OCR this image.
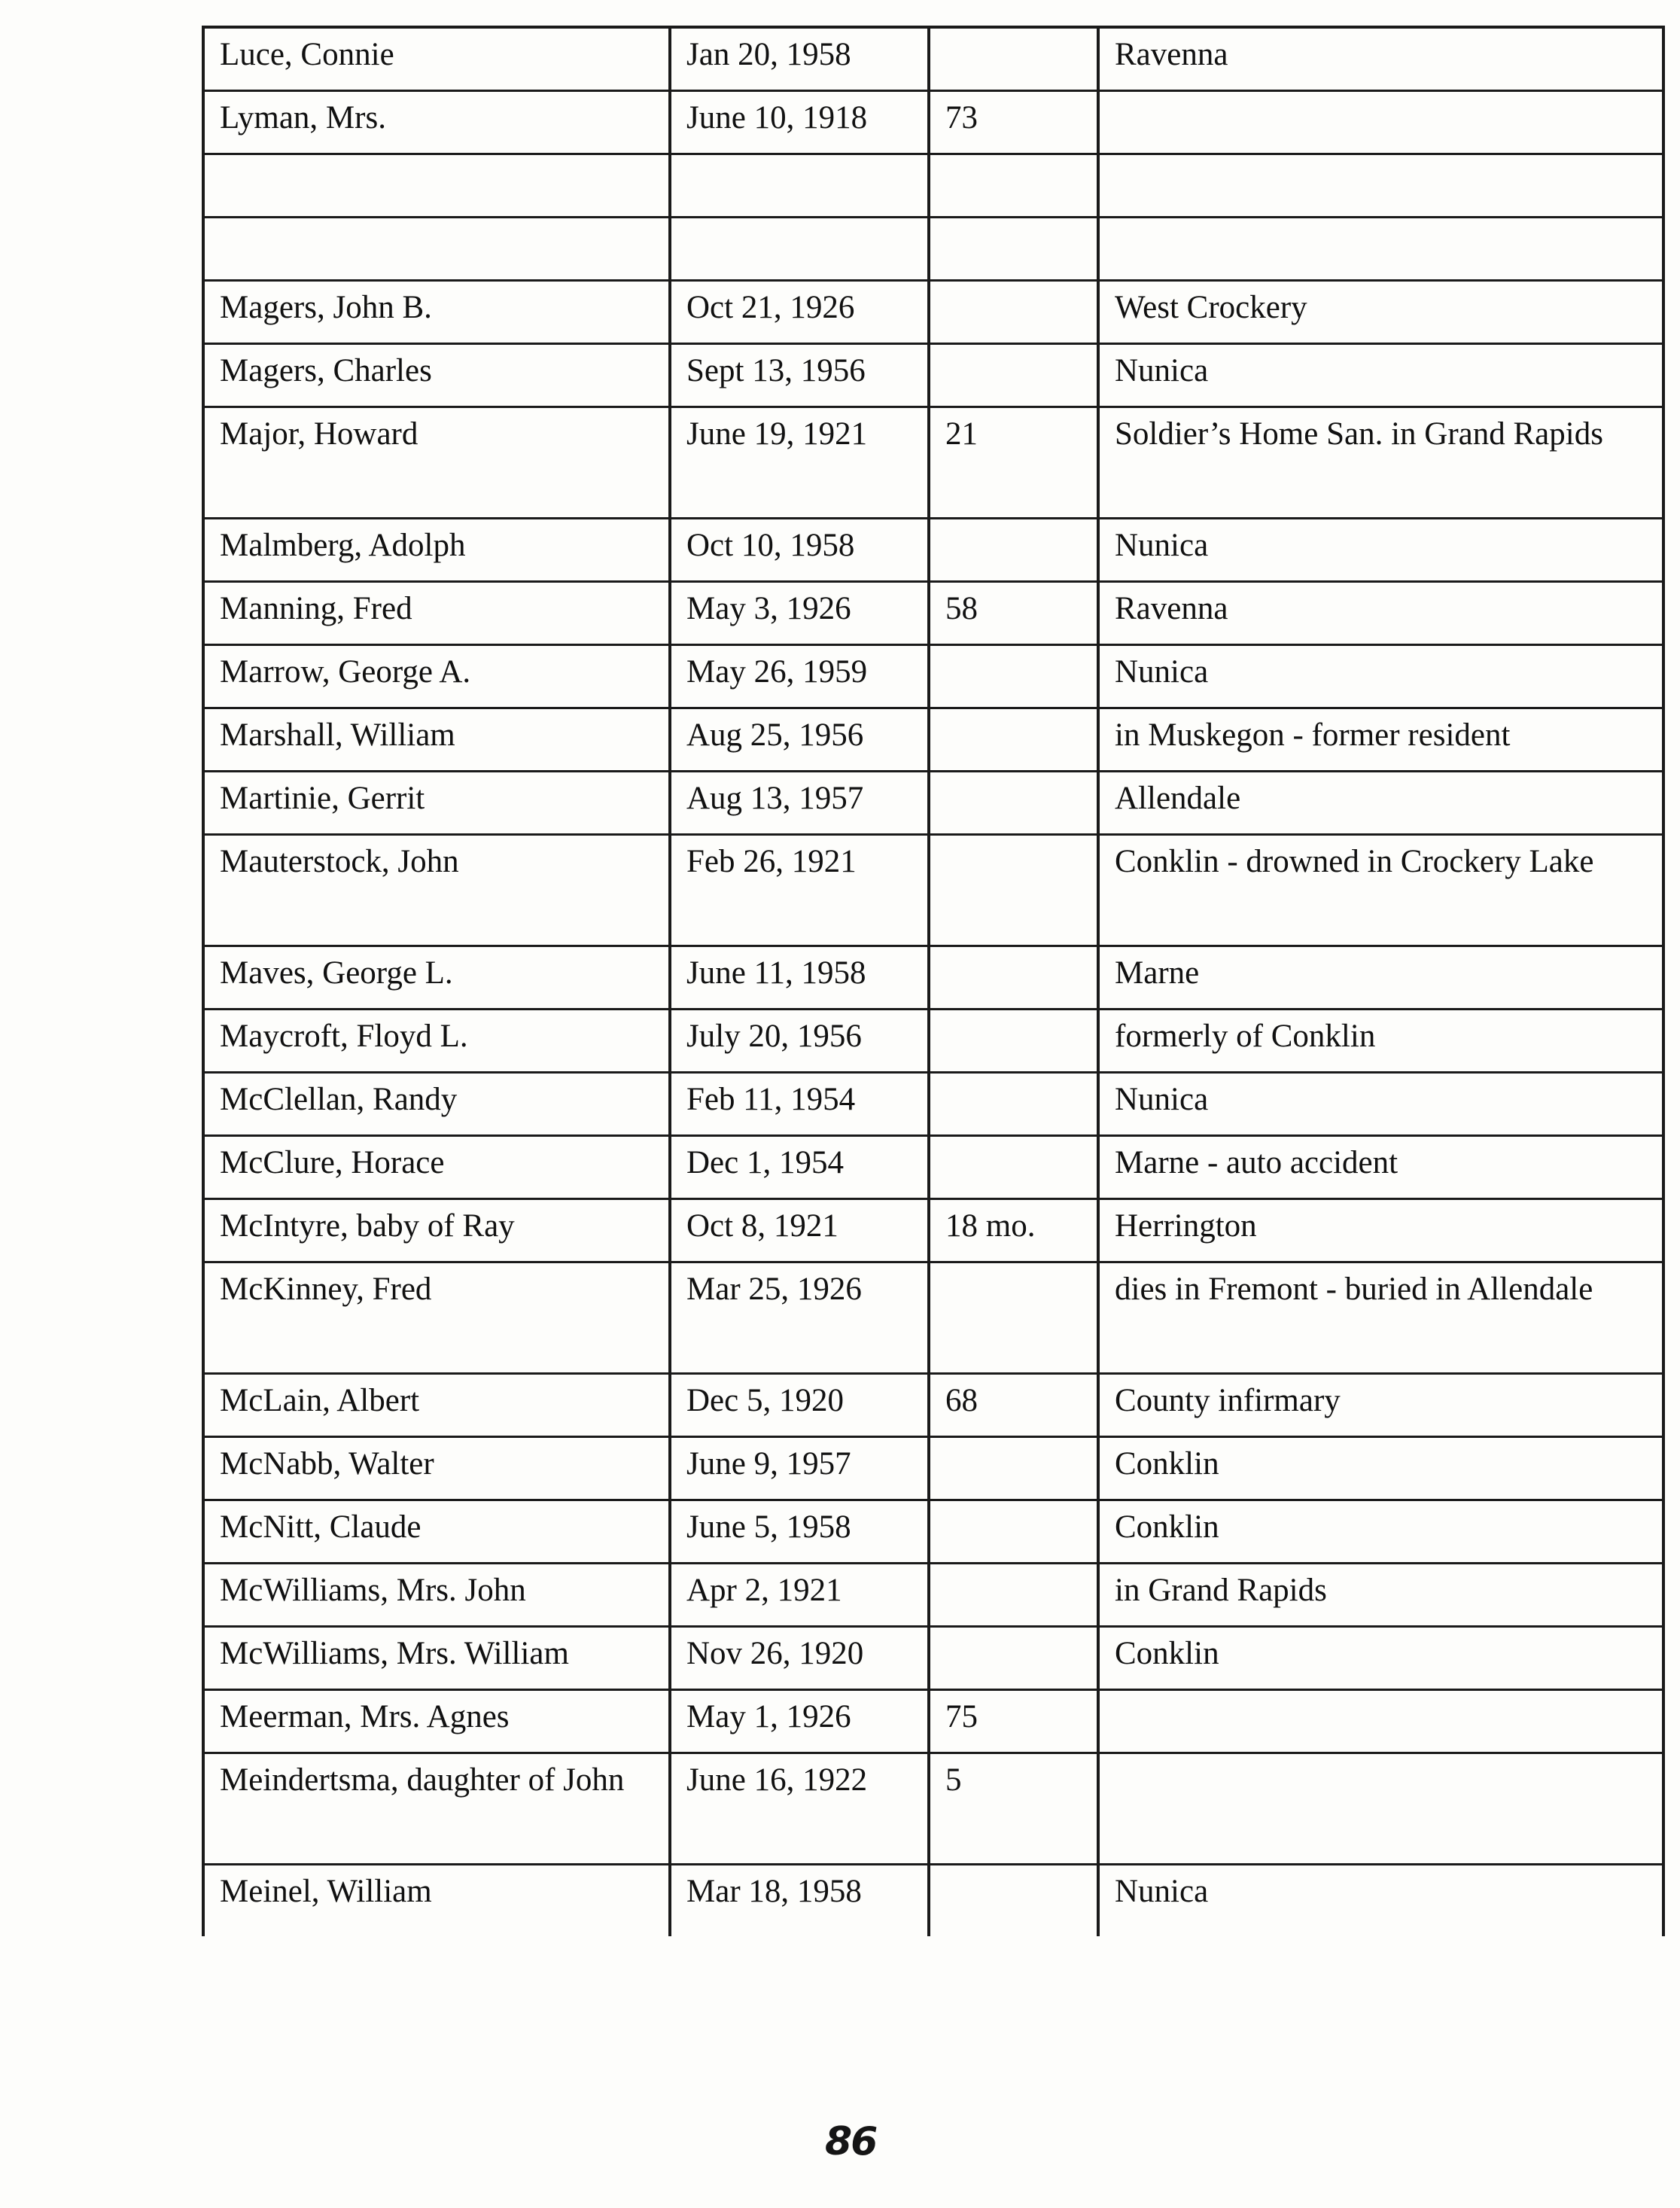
Luce, Connie	Jan 20, 1958		Ravenna
Lyman, Mrs.	June 10, 1918	73	

Magers, John B.	Oct 21, 1926		West Crockery
Magers, Charles	Sept 13, 1956		Nunica
Major, Howard	June 19, 1921	21	Soldier’s Home San. in Grand Rapids
Malmberg, Adolph	Oct 10, 1958		Nunica
Manning, Fred	May 3, 1926	58	Ravenna
Marrow, George A.	May 26, 1959		Nunica
Marshall, William	Aug 25, 1956		in Muskegon - former resident
Martinie, Gerrit	Aug 13, 1957		Allendale
Mauterstock, John	Feb 26, 1921		Conklin - drowned in Crockery Lake
Maves, George L.	June 11, 1958		Marne
Maycroft, Floyd L.	July 20, 1956		formerly of Conklin
McClellan, Randy	Feb 11, 1954		Nunica
McClure, Horace	Dec 1, 1954		Marne - auto accident
McIntyre, baby of Ray	Oct 8, 1921	18 mo.	Herrington
McKinney, Fred	Mar 25, 1926		dies in Fremont - buried in Allendale
McLain, Albert	Dec 5, 1920	68	County infirmary
McNabb, Walter	June 9, 1957		Conklin
McNitt, Claude	June 5, 1958		Conklin
McWilliams, Mrs. John	Apr 2, 1921		in Grand Rapids
McWilliams, Mrs. William	Nov 26, 1920		Conklin
Meerman, Mrs. Agnes	May 1, 1926	75	
Meindertsma, daughter of John	June 16, 1922	5	
Meinel, William	Mar 18, 1958		Nunica
86
